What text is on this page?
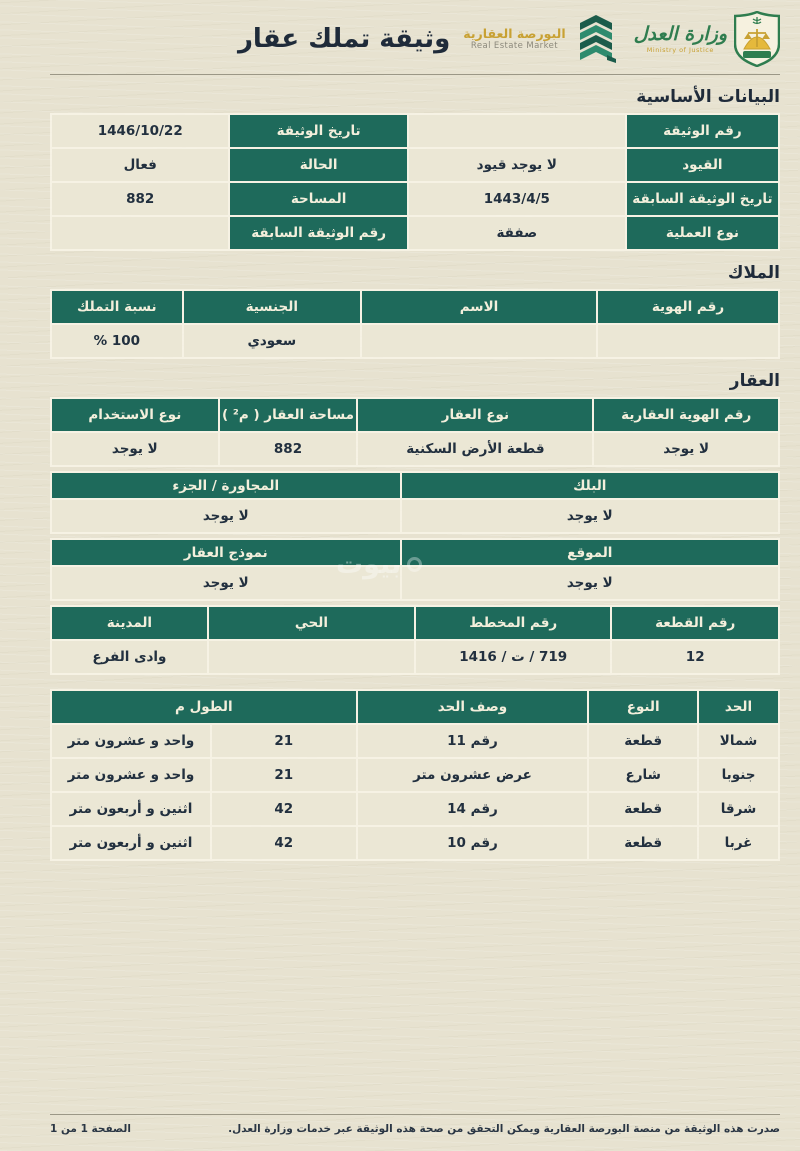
وزارة العدل
Ministry of Justice
البورصة العقارية
Real Estate Market
وثيقة تملك عقار
البيانات الأساسية
رقم الوثيقة		تاريخ الوثيقة	1446/10/22
القيود	لا يوجد قيود	الحالة	فعال
تاريخ الوثيقة السابقة	1443/4/5	المساحة	882
نوع العملية	صفقة	رقم الوثيقة السابقة	
الملاك
رقم الهوية	الاسم	الجنسية	نسبة التملك
		سعودي	100 %
العقار
رقم الهوية العقارية	نوع العقار	مساحة العقار ( م² )	نوع الاستخدام
لا يوجد	قطعة الأرض السكنية	882	لا يوجد
البلك	المجاورة / الجزء
لا يوجد	لا يوجد
الموقع	نموذج العقار
لا يوجد	لا يوجد
رقم القطعة	رقم المخطط	الحي	المدينة
12	719 / ت / 1416		وادى الفرع
الحد	النوع	وصف الحد	الطول م	
شمالا	قطعة	رقم 11	21	واحد و عشرون متر
جنوبا	شارع	عرض عشرون متر	21	واحد و عشرون متر
شرقا	قطعة	رقم 14	42	اثنين و أربعون متر
غربا	قطعة	رقم 10	42	اثنين و أربعون متر
صدرت هذه الوثيقة من منصة البورصة العقارية ويمكن التحقق من صحة هذه الوثيقة عبر خدمات وزارة العدل.
الصفحة 1 من 1
بيوت
